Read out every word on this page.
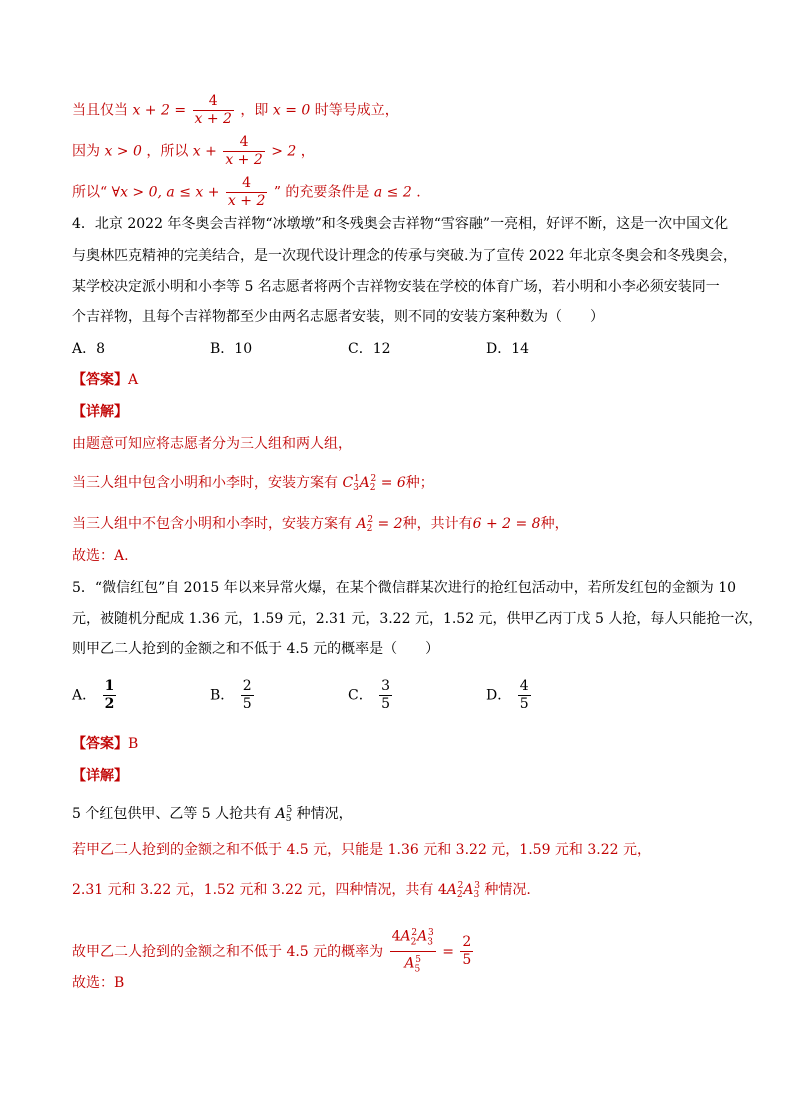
当且仅当 $x + 2 = \frac{4}{x + 2}$ ，即 x = 0 时等号成立，
因为 x > 0 ，所以 $x + \frac{4}{x + 2} > 2$ ，
所以“ ∀x > 0, $a \le x + \frac{4}{x + 2}$ ” 的充要条件是 a ≤ 2 .
4．北京 2022 年冬奥会吉祥物“冰墩墩”和冬残奥会吉祥物“雪容融”一亮相，好评不断，这是一次中国文化
与奥林匹克精神的完美结合，是一次现代设计理念的传承与突破.为了宣传 2022 年北京冬奥会和冬残奥会，
某学校决定派小明和小李等 5 名志愿者将两个吉祥物安装在学校的体育广场，若小明和小李必须安装同一
个吉祥物，且每个吉祥物都至少由两名志愿者安装，则不同的安装方案种数为（　　）
A．8	B．10	C．12	D．14
【答案】A
【详解】
由题意可知应将志愿者分为三人组和两人组，
当三人组中包含小明和小李时，安装方案有 $C_3^1A_2^2 = 6$种；
当三人组中不包含小明和小李时，安装方案有 $A_2^2 = 2$种，共计有6 + 2 = 8种，
故选：A.
5．“微信红包”自 2015 年以来异常火爆，在某个微信群某次进行的抢红包活动中，若所发红包的金额为 10
元，被随机分配成 1.36 元，1.59 元，2.31 元，3.22 元，1.52 元，供甲乙丙丁戊 5 人抢，每人只能抢一次，
则甲乙二人抢到的金额之和不低于 4.5 元的概率是（　　）
A． $\frac{1}{2}$	B． $\frac{2}{5}$	C． $\frac{3}{5}$	D． $\frac{4}{5}$
【答案】B
【详解】
5 个红包供甲、乙等 5 人抢共有 $A_5^5$ 种情况，
若甲乙二人抢到的金额之和不低于 4.5 元，只能是 1.36 元和 3.22 元，1.59 元和 3.22 元，
2.31 元和 3.22 元，1.52 元和 3.22 元，四种情况，共有 $4A_2^2A_3^3$ 种情况.
故甲乙二人抢到的金额之和不低于 4.5 元的概率为 $\frac{4A_2^2A_3^3}{A_5^5} = \frac{2}{5}$
故选：B
